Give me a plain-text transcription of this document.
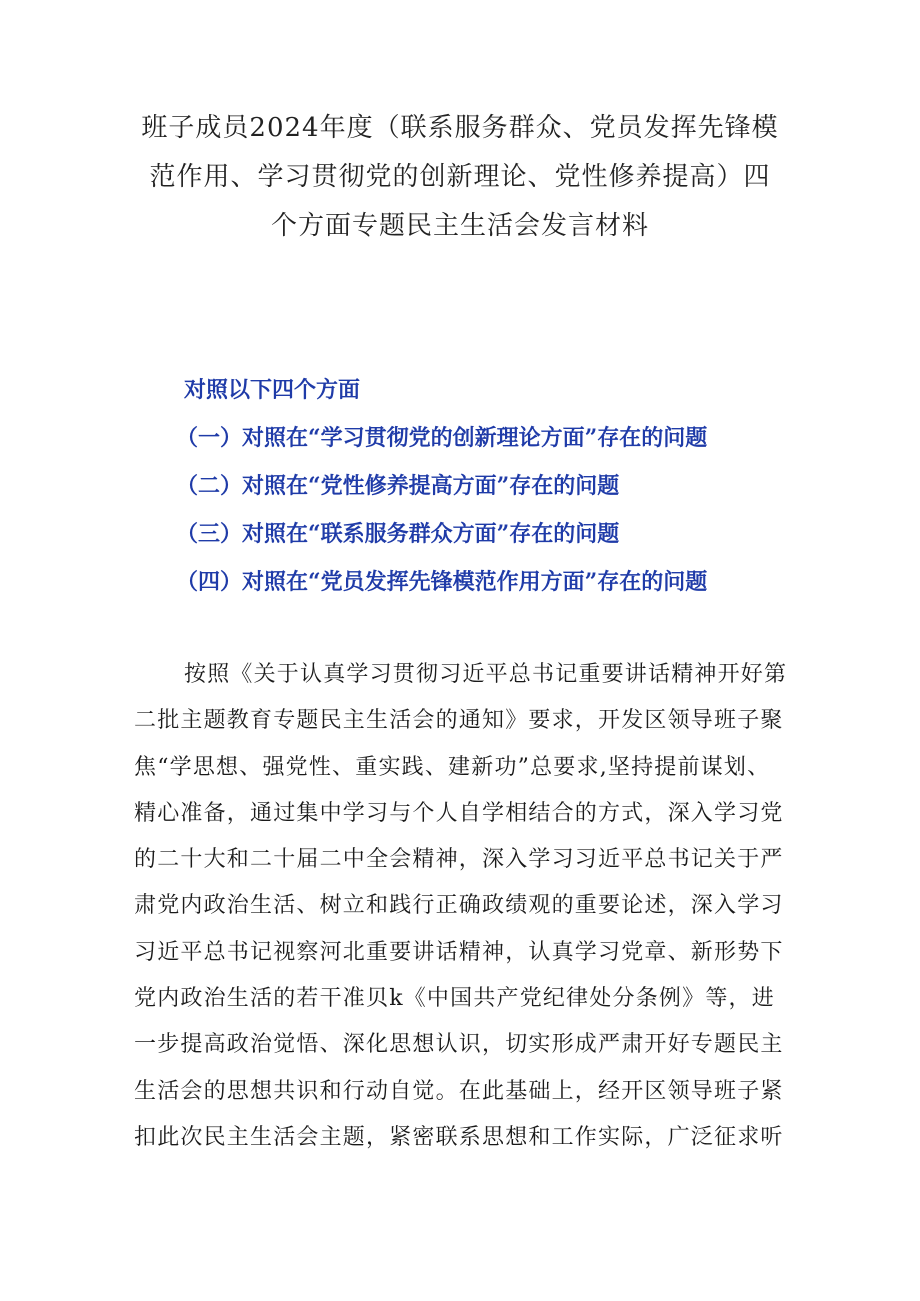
班子成员2024年度（联系服务群众、党员发挥先锋模
范作用、学习贯彻党的创新理论、党性修养提高）四
个方面专题民主生活会发言材料
对照以下四个方面
（一）对照在“学习贯彻党的创新理论方面”存在的问题
（二）对照在“党性修养提高方面”存在的问题
（三）对照在“联系服务群众方面”存在的问题
（四）对照在“党员发挥先锋模范作用方面”存在的问题
按照《关于认真学习贯彻习近平总书记重要讲话精神开好第
二批主题教育专题民主生活会的通知》要求，开发区领导班子聚
焦“学思想、强党性、重实践、建新功”总要求,坚持提前谋划、
精心准备，通过集中学习与个人自学相结合的方式，深入学习党
的二十大和二十届二中全会精神，深入学习习近平总书记关于严
肃党内政治生活、树立和践行正确政绩观的重要论述，深入学习
习近平总书记视察河北重要讲话精神，认真学习党章、新形势下
党内政治生活的若干准贝k《中国共产党纪律处分条例》等，进
一步提高政治觉悟、深化思想认识，切实形成严肃开好专题民主
生活会的思想共识和行动自觉。在此基础上，经开区领导班子紧
扣此次民主生活会主题，紧密联系思想和工作实际，广泛征求听
